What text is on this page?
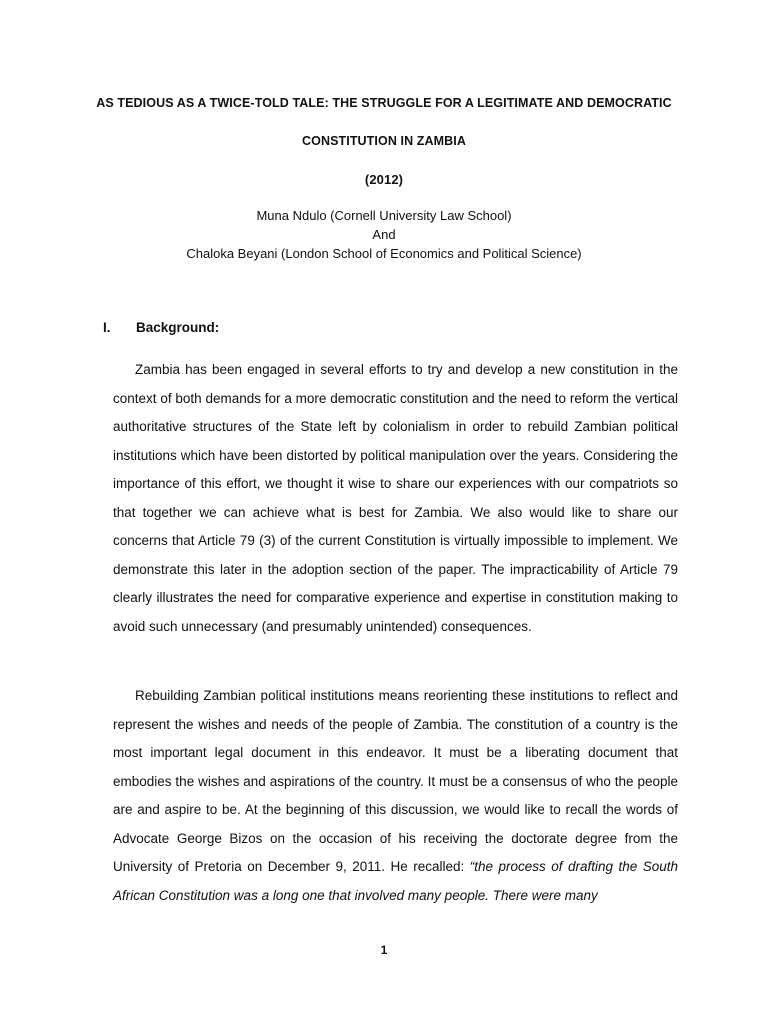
AS TEDIOUS AS A TWICE-TOLD TALE: THE STRUGGLE FOR A LEGITIMATE AND DEMOCRATIC
CONSTITUTION IN ZAMBIA
(2012)
Muna Ndulo (Cornell University Law School)
And
Chaloka Beyani (London School of Economics and Political Science)
I. Background:

Zambia has been engaged in several efforts to try and develop a new constitution in the context of both demands for a more democratic constitution and the need to reform the vertical authoritative structures of the State left by colonialism in order to rebuild Zambian political institutions which have been distorted by political manipulation over the years. Considering the importance of this effort, we thought it wise to share our experiences with our compatriots so that together we can achieve what is best for Zambia. We also would like to share our concerns that Article 79 (3) of the current Constitution is virtually impossible to implement. We demonstrate this later in the adoption section of the paper. The impracticability of Article 79 clearly illustrates the need for comparative experience and expertise in constitution making to avoid such unnecessary (and presumably unintended) consequences.

Rebuilding Zambian political institutions means reorienting these institutions to reflect and represent the wishes and needs of the people of Zambia. The constitution of a country is the most important legal document in this endeavor. It must be a liberating document that embodies the wishes and aspirations of the country. It must be a consensus of who the people are and aspire to be. At the beginning of this discussion, we would like to recall the words of Advocate George Bizos on the occasion of his receiving the doctorate degree from the University of Pretoria on December 9, 2011. He recalled: “the process of drafting the South African Constitution was a long one that involved many people. There were many

1
